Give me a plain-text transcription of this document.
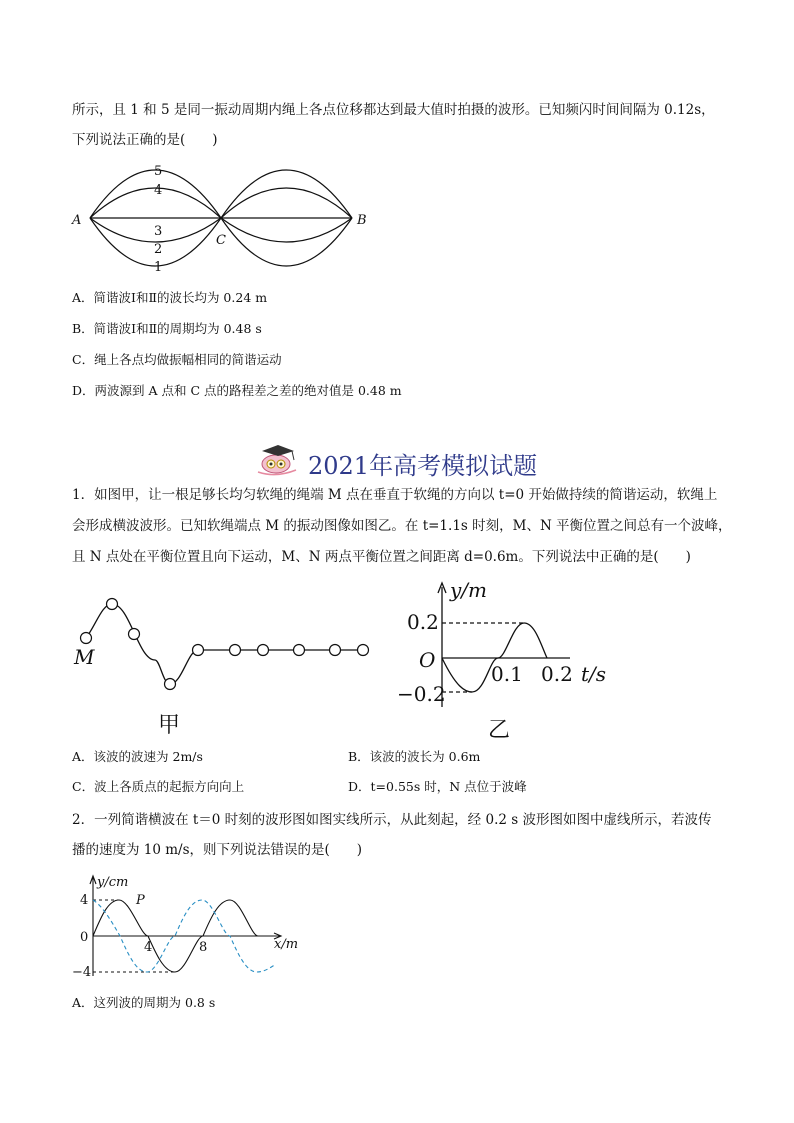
所示，且 1 和 5 是同一振动周期内绳上各点位移都达到最大值时拍摄的波形。已知频闪时间间隔为 0.12s，
下列说法正确的是(　　)
A	B
C
5
4
3
2
1
A．简谐波Ⅰ和Ⅱ的波长均为 0.24 m
B．简谐波Ⅰ和Ⅱ的周期均为 0.48 s
C．绳上各点均做振幅相同的简谐运动
D．两波源到 A 点和 C 点的路程差之差的绝对值是 0.48 m
2021年高考模拟试题
1．如图甲，让一根足够长均匀软绳的绳端 M 点在垂直于软绳的方向以 t=0 开始做持续的简谐运动，软绳上
会形成横波波形。已知软绳端点 M 的振动图像如图乙。在 t=1.1s 时刻，M、N 平衡位置之间总有一个波峰，
且 N 点处在平衡位置且向下运动，M、N 两点平衡位置之间距离 d=0.6m。下列说法中正确的是(　　)
M
甲
y/m
0.2
−0.2
O
0.1 0.2 t/s
乙
A．该波的波速为 2m/s	B．该波的波长为 0.6m
C．波上各质点的起振方向向上	D．t=0.55s 时，N 点位于波峰
2．一列简谐横波在 t＝0 时刻的波形图如图实线所示，从此刻起，经 0.2 s 波形图如图中虚线所示，若波传
播的速度为 10 m/s，则下列说法错误的是(　　)
y/cm
4
0
−4
4	8	x/m
P
A．这列波的周期为 0.8 s
